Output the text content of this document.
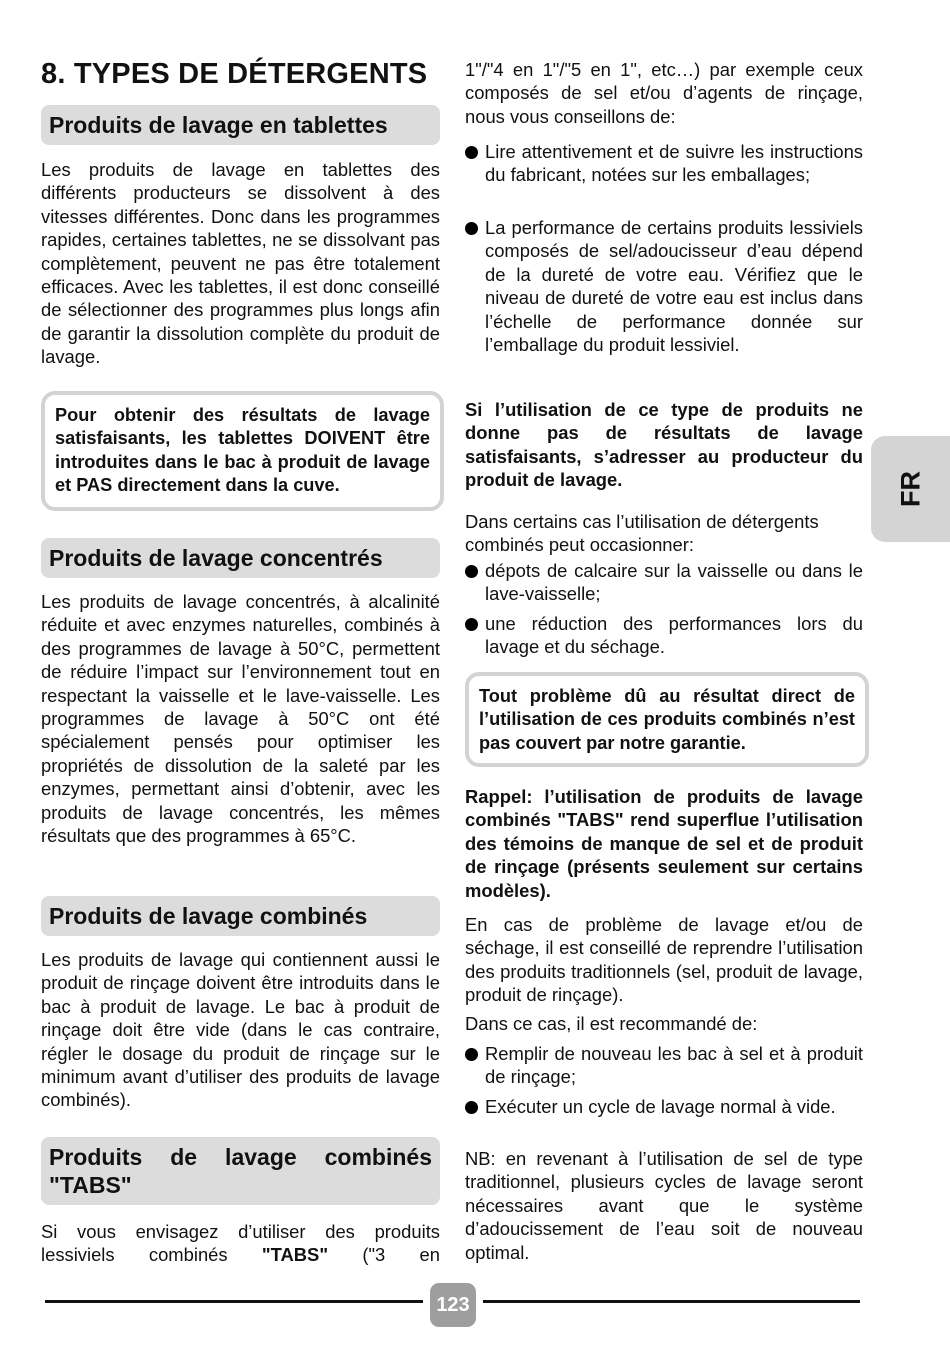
8. TYPES DE DÉTERGENTS
Produits de lavage en tablettes

Les produits de lavage en tablettes des différents producteurs se dissolvent à des vitesses différentes. Donc dans les programmes rapides, certaines tablettes, ne se dissolvant pas complètement, peuvent ne pas être totalement efficaces. Avec les tablettes, il est donc conseillé de sélectionner des programmes plus longs afin de garantir la dissolution complète du produit de lavage.

Pour obtenir des résultats de lavage satisfaisants, les tablettes DOIVENT être introduites dans le bac à produit de lavage et PAS directement dans la cuve.
Produits de lavage concentrés

Les produits de lavage concentrés, à alcalinité réduite et avec enzymes naturelles, combinés à des programmes de lavage à 50°C, permettent de réduire l’impact sur l’environnement tout en respectant la vaisselle et le lave-vaisselle. Les programmes de lavage à 50°C ont été spécialement pensés pour optimiser les propriétés de dissolution de la saleté par les enzymes, permettant ainsi d’obtenir, avec les produits de lavage concentrés, les mêmes résultats que des programmes à 65°C.

Produits de lavage combinés

Les produits de lavage qui contiennent aussi le produit de rinçage doivent être introduits dans le bac à produit de lavage. Le bac à produit de rinçage doit être vide (dans le cas contraire, régler le dosage du produit de rinçage sur le minimum avant d’utiliser des produits de lavage combinés).

Produits de lavage combinés "TABS"

Si vous envisagez d’utiliser des produits lessiviels combinés "TABS" ("3 en

1"/"4 en 1"/"5 en 1", etc…) par exemple ceux composés de sel et/ou d’agents de rinçage, nous vous conseillons de:

Lire attentivement et de suivre les instructions du fabricant, notées sur les emballages;
La performance de certains produits lessiviels composés de sel/adoucisseur d’eau dépend de la dureté de votre eau. Vérifiez que le niveau de dureté de votre eau est inclus dans l’échelle de performance donnée sur l’emballage du produit lessiviel.

Si l’utilisation de ce type de produits ne donne pas de résultats de lavage satisfaisants, s’adresser au producteur du produit de lavage.

Dans certains cas l’utilisation de détergents combinés peut occasionner:

dépots de calcaire sur la vaisselle ou dans le lave-vaisselle;
une réduction des performances lors du lavage et du séchage.
Tout problème dû au résultat direct de l’utilisation de ces produits combinés n’est pas couvert par notre garantie.

Rappel: l’utilisation de produits de lavage combinés "TABS" rend superflue l’utilisation des témoins de manque de sel et de produit de rinçage (présents seulement sur certains modèles).

En cas de problème de lavage et/ou de séchage, il est conseillé de reprendre l’utilisation des produits traditionnels (sel, produit de lavage, produit de rinçage).

Dans ce cas, il est recommandé de:

Remplir de nouveau les bac à sel et à produit de rinçage;
Exécuter un cycle de lavage normal à vide.

NB: en revenant à l’utilisation de sel de type traditionnel, plusieurs cycles de lavage seront nécessaires avant que le système d’adoucissement de l’eau soit de nouveau optimal.

FR
123
